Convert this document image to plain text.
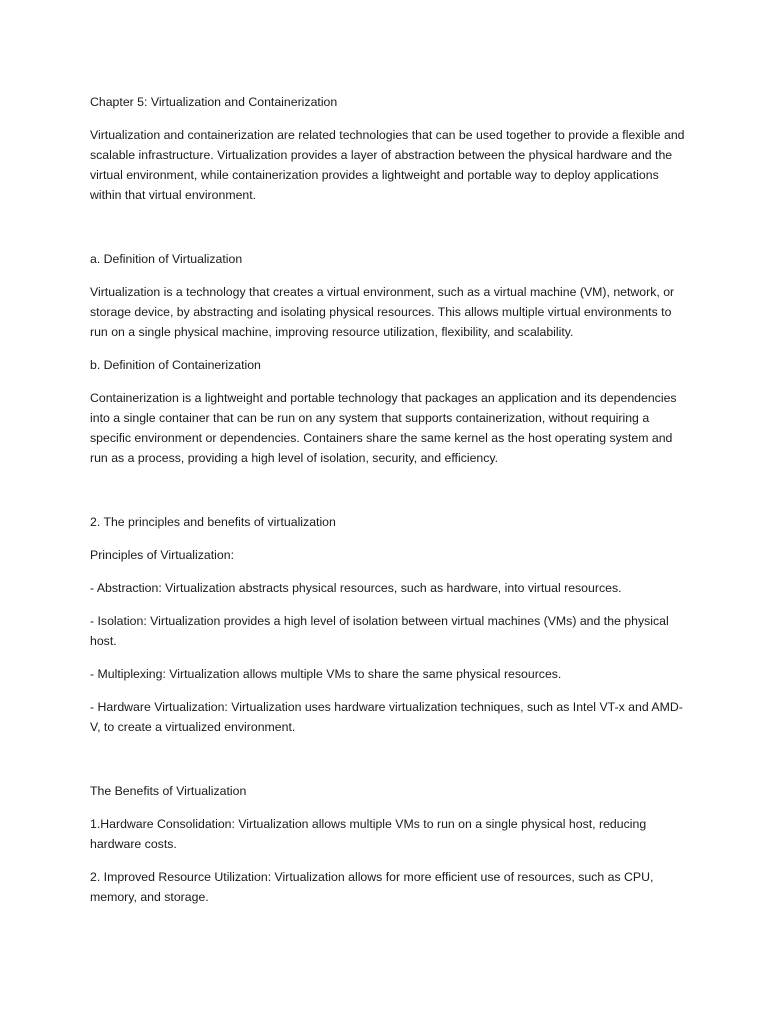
Chapter 5: Virtualization and Containerization

Virtualization and containerization are related technologies that can be used together to provide a flexible and scalable infrastructure. Virtualization provides a layer of abstraction between the physical hardware and the virtual environment, while containerization provides a lightweight and portable way to deploy applications within that virtual environment.

a. Definition of Virtualization

Virtualization is a technology that creates a virtual environment, such as a virtual machine (VM), network, or storage device, by abstracting and isolating physical resources. This allows multiple virtual environments to run on a single physical machine, improving resource utilization, flexibility, and scalability.

b. Definition of Containerization

Containerization is a lightweight and portable technology that packages an application and its dependencies into a single container that can be run on any system that supports containerization, without requiring a specific environment or dependencies. Containers share the same kernel as the host operating system and run as a process, providing a high level of isolation, security, and efficiency.

2. The principles and benefits of virtualization

Principles of Virtualization:

- Abstraction: Virtualization abstracts physical resources, such as hardware, into virtual resources.

- Isolation: Virtualization provides a high level of isolation between virtual machines (VMs) and the physical host.

- Multiplexing: Virtualization allows multiple VMs to share the same physical resources.

- Hardware Virtualization: Virtualization uses hardware virtualization techniques, such as Intel VT-x and AMD-V, to create a virtualized environment.

The Benefits of Virtualization

1.Hardware Consolidation: Virtualization allows multiple VMs to run on a single physical host, reducing hardware costs.

2. Improved Resource Utilization: Virtualization allows for more efficient use of resources, such as CPU, memory, and storage.
